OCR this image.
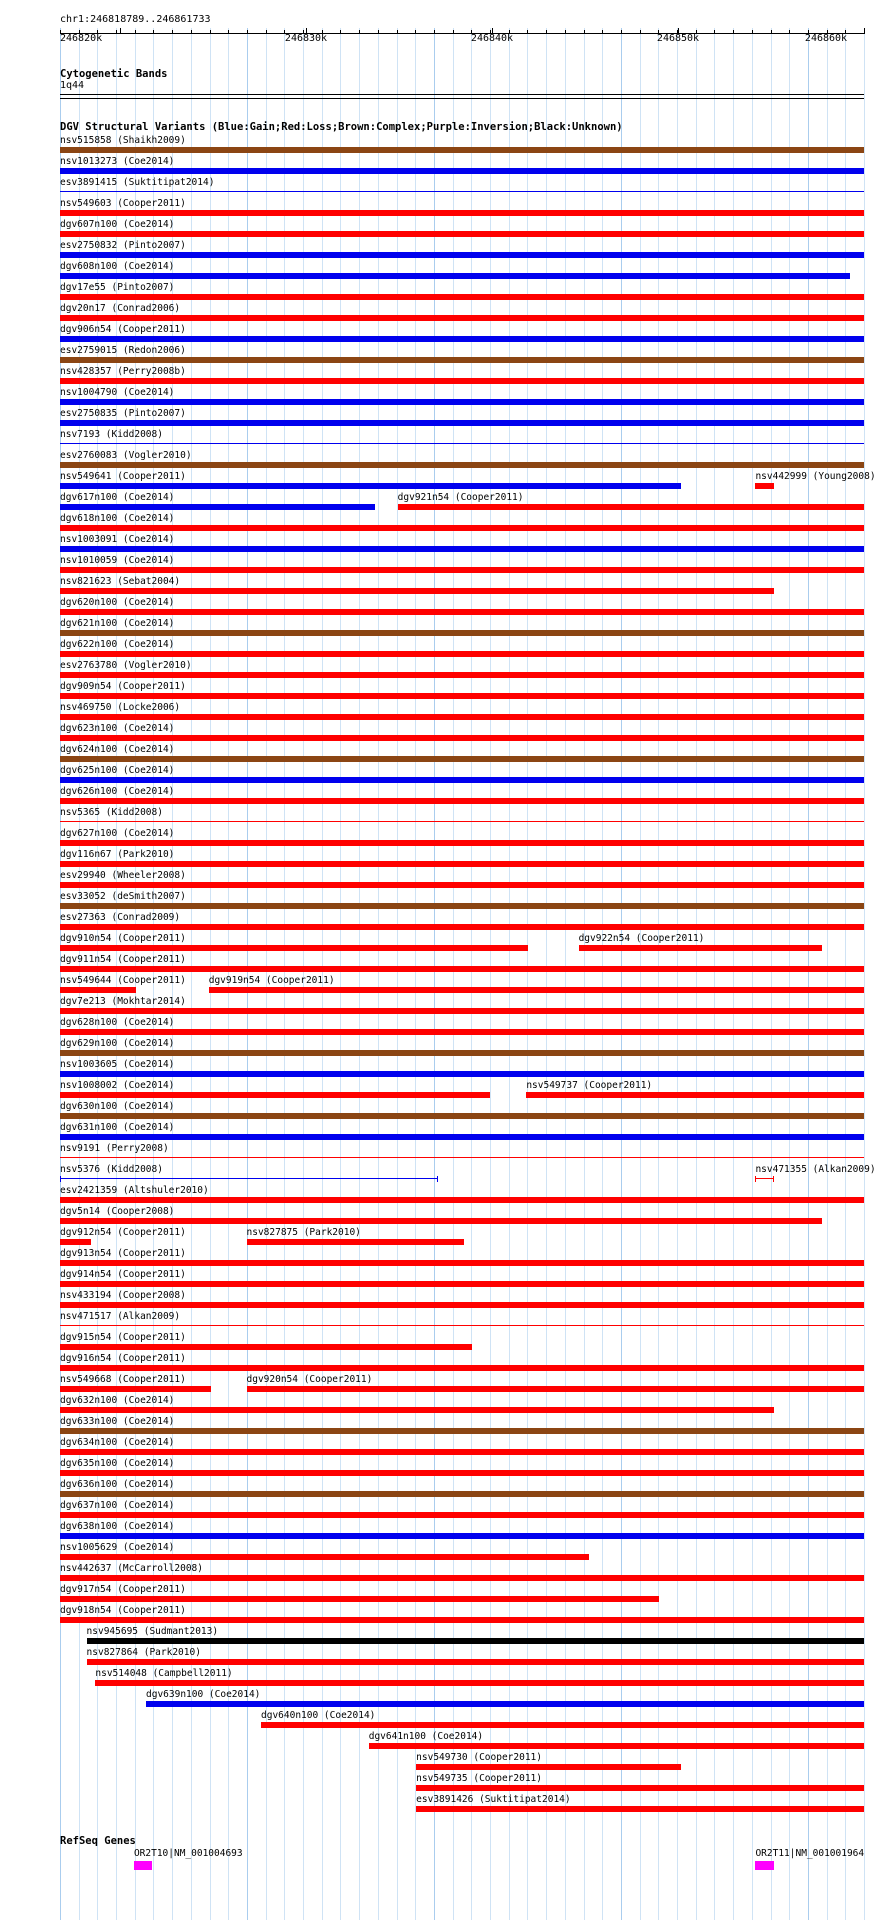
chr1:246818789..246861733
246820k	246830k	246840k	246850k	246860k
Cytogenetic Bands
1q44
DGV Structural Variants (Blue:Gain;Red:Loss;Brown:Complex;Purple:Inversion;Black:Unknown)
nsv515858 (Shaikh2009)
nsv1013273 (Coe2014)
esv3891415 (Suktitipat2014)
nsv549603 (Cooper2011)
dgv607n100 (Coe2014)
esv2750832 (Pinto2007)
dgv608n100 (Coe2014)
dgv17e55 (Pinto2007)
dgv20n17 (Conrad2006)
dgv906n54 (Cooper2011)
esv2759015 (Redon2006)
nsv428357 (Perry2008b)
nsv1004790 (Coe2014)
esv2750835 (Pinto2007)
nsv7193 (Kidd2008)
esv2760083 (Vogler2010)
nsv549641 (Cooper2011)	nsv442999 (Young2008)
dgv617n100 (Coe2014)	dgv921n54 (Cooper2011)
dgv618n100 (Coe2014)
nsv1003091 (Coe2014)
nsv1010059 (Coe2014)
nsv821623 (Sebat2004)
dgv620n100 (Coe2014)
dgv621n100 (Coe2014)
dgv622n100 (Coe2014)
esv2763780 (Vogler2010)
dgv909n54 (Cooper2011)
nsv469750 (Locke2006)
dgv623n100 (Coe2014)
dgv624n100 (Coe2014)
dgv625n100 (Coe2014)
dgv626n100 (Coe2014)
nsv5365 (Kidd2008)
dgv627n100 (Coe2014)
dgv116n67 (Park2010)
esv29940 (Wheeler2008)
esv33052 (deSmith2007)
esv27363 (Conrad2009)
dgv910n54 (Cooper2011)	dgv922n54 (Cooper2011)
dgv911n54 (Cooper2011)
nsv549644 (Cooper2011) dgv919n54 (Cooper2011)
dgv7e213 (Mokhtar2014)
dgv628n100 (Coe2014)
dgv629n100 (Coe2014)
nsv1003605 (Coe2014)
nsv1008002 (Coe2014)	nsv549737 (Cooper2011)
dgv630n100 (Coe2014)
dgv631n100 (Coe2014)
nsv9191 (Perry2008)
nsv5376 (Kidd2008)	nsv471355 (Alkan2009)
esv2421359 (Altshuler2010)
dgv5n14 (Cooper2008)
dgv912n54 (Cooper2011)	nsv827875 (Park2010)
dgv913n54 (Cooper2011)
dgv914n54 (Cooper2011)
nsv433194 (Cooper2008)
nsv471517 (Alkan2009)
dgv915n54 (Cooper2011)
dgv916n54 (Cooper2011)
nsv549668 (Cooper2011)	dgv920n54 (Cooper2011)
dgv632n100 (Coe2014)
dgv633n100 (Coe2014)
dgv634n100 (Coe2014)
dgv635n100 (Coe2014)
dgv636n100 (Coe2014)
dgv637n100 (Coe2014)
dgv638n100 (Coe2014)
nsv1005629 (Coe2014)
nsv442637 (McCarroll2008)
dgv917n54 (Cooper2011)
dgv918n54 (Cooper2011)
nsv945695 (Sudmant2013)
nsv827864 (Park2010)
nsv514048 (Campbell2011)
dgv639n100 (Coe2014)
dgv640n100 (Coe2014)
dgv641n100 (Coe2014)
nsv549730 (Cooper2011)
nsv549735 (Cooper2011)
esv3891426 (Suktitipat2014)
RefSeq Genes
OR2T10|NM_001004693	OR2T11|NM_001001964
